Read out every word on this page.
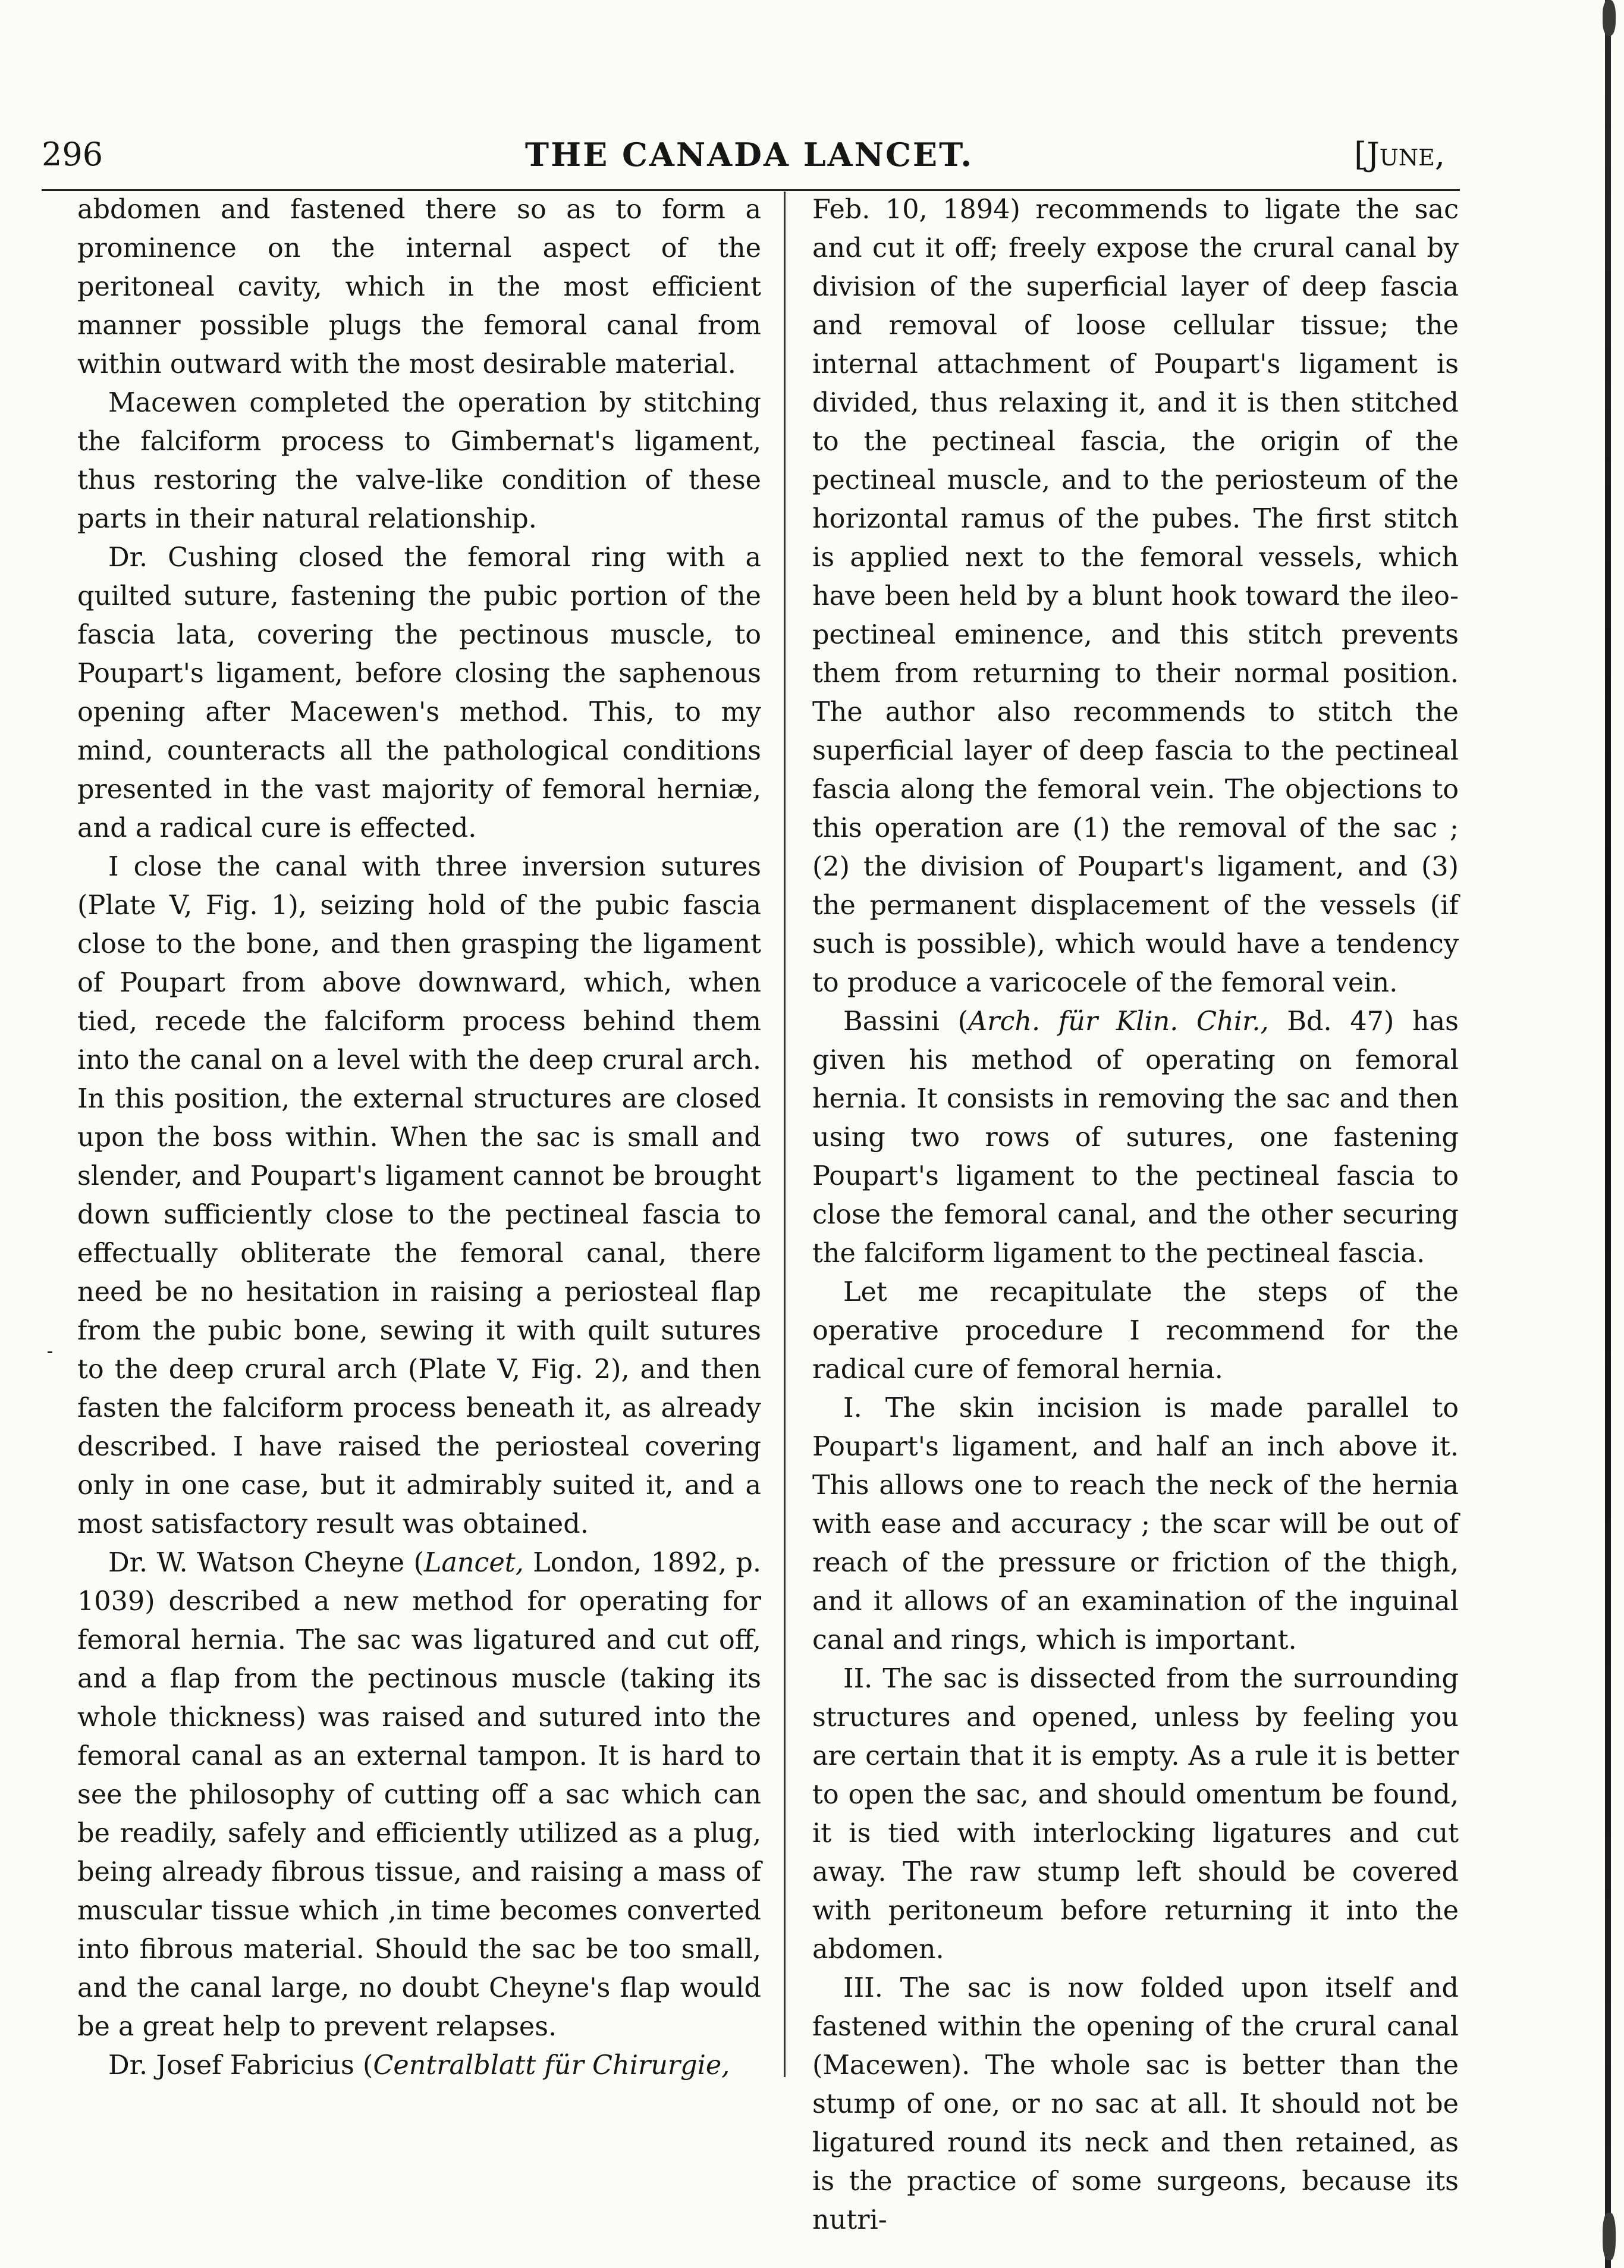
296	THE CANADA LANCET.	[June,

abdomen and fastened there so as to form a prominence on the internal aspect of the peritoneal cavity, which in the most efficient manner possible plugs the femoral canal from within outward with the most desirable material.

Macewen completed the operation by stitching the falciform process to Gimbernat's ligament, thus restoring the valve-like condition of these parts in their natural relationship.

Dr. Cushing closed the femoral ring with a quilted suture, fastening the pubic portion of the fascia lata, covering the pectinous muscle, to Poupart's ligament, before closing the saphenous opening after Macewen's method. This, to my mind, counteracts all the pathological conditions presented in the vast majority of femoral herniæ, and a radical cure is effected.

I close the canal with three inversion sutures (Plate V, Fig. 1), seizing hold of the pubic fascia close to the bone, and then grasping the ligament of Poupart from above downward, which, when tied, recede the falciform process behind them into the canal on a level with the deep crural arch. In this position, the external structures are closed upon the boss within. When the sac is small and slender, and Poupart's ligament cannot be brought down sufficiently close to the pectineal fascia to effectually obliterate the femoral canal, there need be no hesitation in raising a periosteal flap from the pubic bone, sewing it with quilt sutures to the deep crural arch (Plate V, Fig. 2), and then fasten the falciform process beneath it, as already described. I have raised the periosteal covering only in one case, but it admirably suited it, and a most satisfactory result was obtained.

Dr. W. Watson Cheyne (Lancet, London, 1892, p. 1039) described a new method for operating for femoral hernia. The sac was ligatured and cut off, and a flap from the pectinous muscle (taking its whole thickness) was raised and sutured into the femoral canal as an external tampon. It is hard to see the philosophy of cutting off a sac which can be readily, safely and efficiently utilized as a plug, being already fibrous tissue, and raising a mass of muscular tissue which ,in time becomes converted into fibrous material. Should the sac be too small, and the canal large, no doubt Cheyne's flap would be a great help to prevent relapses.

Dr. Josef Fabricius (Centralblatt für Chirurgie,

Feb. 10, 1894) recommends to ligate the sac and cut it off; freely expose the crural canal by division of the superficial layer of deep fascia and removal of loose cellular tissue; the internal attachment of Poupart's ligament is divided, thus relaxing it, and it is then stitched to the pectineal fascia, the origin of the pectineal muscle, and to the periosteum of the horizontal ramus of the pubes. The first stitch is applied next to the femoral vessels, which have been held by a blunt hook toward the ileo-pectineal eminence, and this stitch prevents them from returning to their normal position. The author also recommends to stitch the superficial layer of deep fascia to the pectineal fascia along the femoral vein. The objections to this operation are (1) the removal of the sac ; (2) the division of Poupart's ligament, and (3) the permanent displacement of the vessels (if such is possible), which would have a tendency to produce a varicocele of the femoral vein.

Bassini (Arch. für Klin. Chir., Bd. 47) has given his method of operating on femoral hernia. It consists in removing the sac and then using two rows of sutures, one fastening Poupart's ligament to the pectineal fascia to close the femoral canal, and the other securing the falciform ligament to the pectineal fascia.

Let me recapitulate the steps of the operative procedure I recommend for the radical cure of femoral hernia.

I. The skin incision is made parallel to Poupart's ligament, and half an inch above it. This allows one to reach the neck of the hernia with ease and accuracy ; the scar will be out of reach of the pressure or friction of the thigh, and it allows of an examination of the inguinal canal and rings, which is important.

II. The sac is dissected from the surrounding structures and opened, unless by feeling you are certain that it is empty. As a rule it is better to open the sac, and should omentum be found, it is tied with interlocking ligatures and cut away. The raw stump left should be covered with peritoneum before returning it into the abdomen.

III. The sac is now folded upon itself and fastened within the opening of the crural canal (Macewen). The whole sac is better than the stump of one, or no sac at all. It should not be ligatured round its neck and then retained, as is the practice of some surgeons, because its nutri-
